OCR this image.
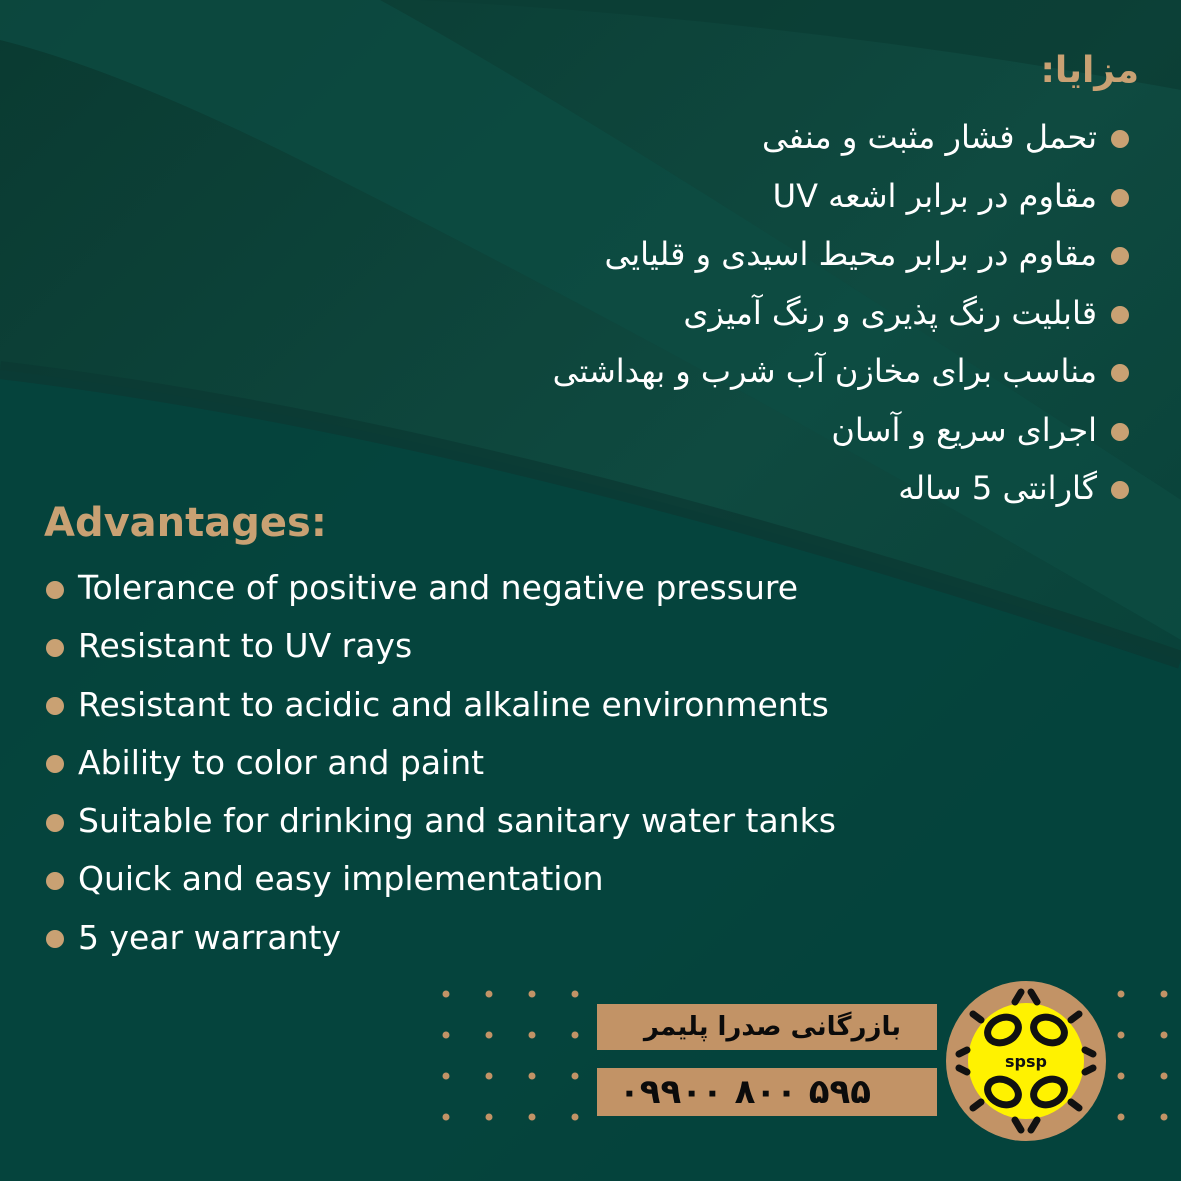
مزایا:
تحمل فشار مثبت و منفی
مقاوم در برابر اشعه UV
مقاوم در برابر محیط اسیدی و قلیایی
قابلیت رنگ پذیری و رنگ آمیزی
مناسب برای مخازن آب شرب و بهداشتی
اجرای سریع و آسان
گارانتی 5 ساله
Advantages:
Tolerance of positive and negative pressure
Resistant to UV rays
Resistant to acidic and alkaline environments
Ability to color and paint
Suitable for drinking and sanitary water tanks
Quick and easy implementation
5 year warranty
بازرگانی صدرا پلیمر
۰۹۹۰۰ ۸۰۰ ۵۹۵
spsp
